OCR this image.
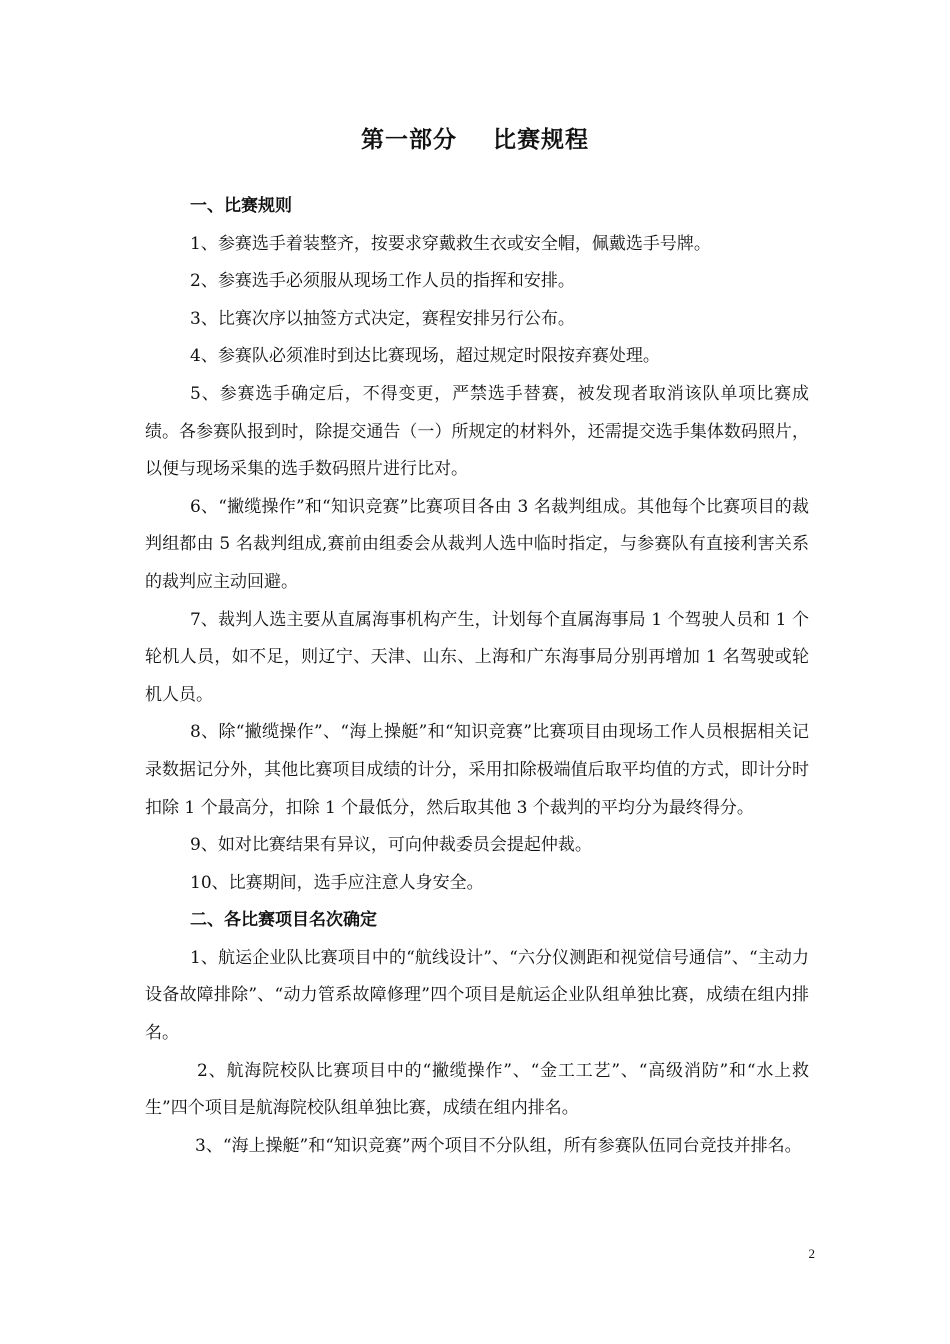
第一部分    比赛规程
一、比赛规则

1、参赛选手着装整齐，按要求穿戴救生衣或安全帽，佩戴选手号牌。

2、参赛选手必须服从现场工作人员的指挥和安排。

3、比赛次序以抽签方式决定，赛程安排另行公布。

4、参赛队必须准时到达比赛现场，超过规定时限按弃赛处理。

5、参赛选手确定后，不得变更，严禁选手替赛，被发现者取消该队单项比赛成绩。各参赛队报到时，除提交通告（一）所规定的材料外，还需提交选手集体数码照片，以便与现场采集的选手数码照片进行比对。

6、“撇缆操作”和“知识竞赛”比赛项目各由 3 名裁判组成。其他每个比赛项目的裁判组都由 5 名裁判组成,赛前由组委会从裁判人选中临时指定，与参赛队有直接利害关系的裁判应主动回避。

7、裁判人选主要从直属海事机构产生，计划每个直属海事局 1 个驾驶人员和 1 个轮机人员，如不足，则辽宁、天津、山东、上海和广东海事局分别再增加 1 名驾驶或轮机人员。

8、除“撇缆操作”、“海上操艇”和“知识竞赛”比赛项目由现场工作人员根据相关记录数据记分外，其他比赛项目成绩的计分，采用扣除极端值后取平均值的方式，即计分时扣除 1 个最高分，扣除 1 个最低分，然后取其他 3 个裁判的平均分为最终得分。

9、如对比赛结果有异议，可向仲裁委员会提起仲裁。

10、比赛期间，选手应注意人身安全。

二、各比赛项目名次确定

1、航运企业队比赛项目中的“航线设计”、“六分仪测距和视觉信号通信”、“主动力设备故障排除”、“动力管系故障修理”四个项目是航运企业队组单独比赛，成绩在组内排名。

2、航海院校队比赛项目中的“撇缆操作”、“金工工艺”、“高级消防”和“水上救生”四个项目是航海院校队组单独比赛，成绩在组内排名。

3、“海上操艇”和“知识竞赛”两个项目不分队组，所有参赛队伍同台竞技并排名。

2
